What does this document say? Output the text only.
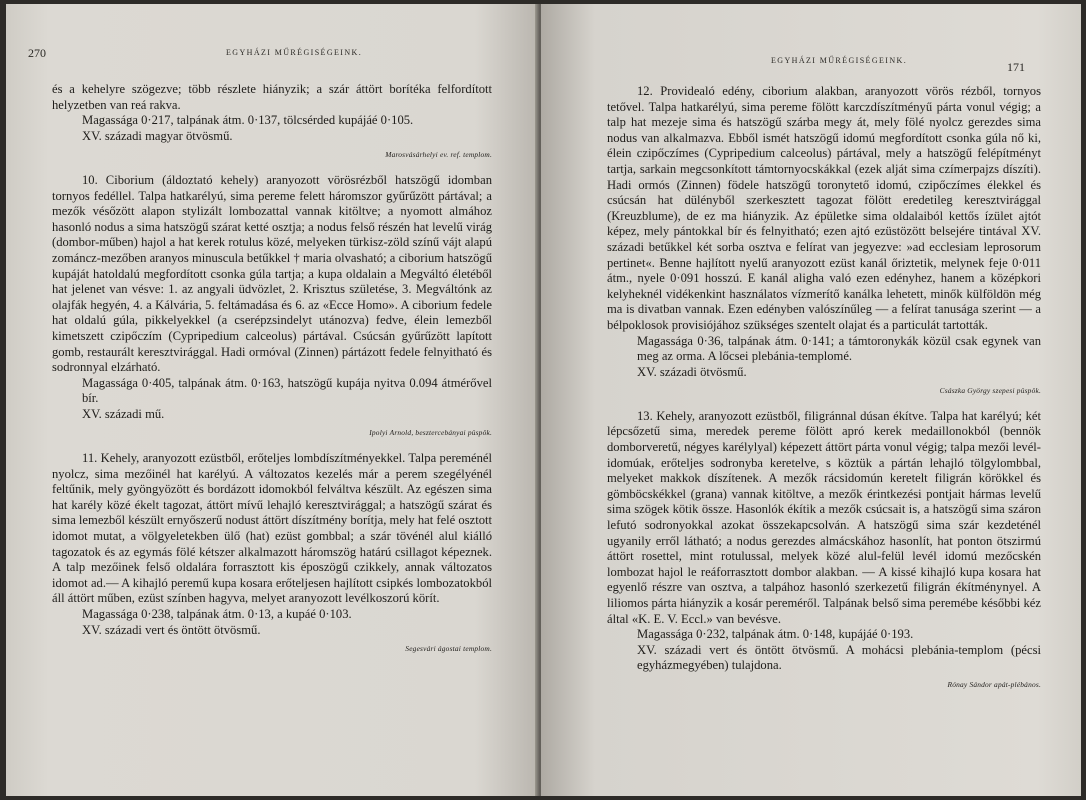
270	EGYHÁZI MŰRÉGISÉGEINK.

és a kehelyre szögezve; több részlete hiányzik; a szár áttört borítéka felfordított helyzetben van reá rakva.

Magassága 0·217, talpának átm. 0·137, tölcsérded kupájáé 0·105.

XV. századi magyar ötvösmű.

Marosvásárhelyi ev. ref. templom.

10. Ciborium (áldoztató kehely) aranyozott vörösrézből hatszögű idomban tornyos fedéllel. Talpa hatkarélyú, sima pereme felett háromszor gyűrűzött pártával; a mezők vésőzött alapon stylizált lombozattal vannak kitöltve; a nyomott almához hasonló nodus a sima hatszögű szárat ketté osztja; a nodus felső részén hat levelű virág (dombor-műben) hajol a hat kerek rotulus közé, melyeken türkisz-zöld színű vájt alapú zománcz-mezőben aranyos minuscula betűkkel † maria olvasható; a ciborium hatszögű kupáját hatoldalú megfordított csonka gúla tartja; a kupa oldalain a Megváltó életéből hat jelenet van vésve: 1. az angyali üdvözlet, 2. Krisztus születése, 3. Megváltónk az olajfák hegyén, 4. a Kálvária, 5. feltámadása és 6. az «Ecce Homo». A ciborium fedele hat oldalú gúla, pikkelyekkel (a cserépzsindelyt utánozva) fedve, élein lemezből kimetszett czipőczím (Cypripedium calceolus) pártával. Csúcsán gyűrűzött lapított gomb, restaurált keresztvirággal. Hadi ormóval (Zinnen) pártázott fedele felnyitható és sodronnyal elzárható.

Magassága 0·405, talpának átm. 0·163, hatszögű kupája nyitva 0.094 átmérővel bír.

XV. századi mű.

Ipolyi Arnold, besztercebányai püspök.

11. Kehely, aranyozott ezüstből, erőteljes lombdíszítményekkel. Talpa pereménél nyolcz, sima mezőinél hat karélyú. A változatos kezelés már a perem szegélyénél feltűnik, mely gyöngyözött és bordázott idomokból felváltva készült. Az egészen sima hat karély közé ékelt tagozat, áttört mívű lehajló keresztvirággal; a hatszögű szárat és sima lemezből készült ernyőszerű nodust áttört díszítmény borítja, mely hat felé osztott idomot mutat, a völgyeletekben ülő (hat) ezüst gombbal; a szár tövénél alul kiálló tagozatok és az egymás fölé kétszer alkalmazott háromszög határú csillagot képeznek. A talp mezőinek felső oldalára forrasztott kis époszögű czikkely, annak változatos idomot ad.— A kihajló peremű kupa kosara erőteljesen hajlított csipkés lombozatokból áll áttört műben, ezüst színben hagyva, melyet aranyozott levélkoszorú körít.

Magassága 0·238, talpának átm. 0·13, a kupáé 0·103.

XV. századi vert és öntött ötvösmű.

Segesvári ágostai templom.

EGYHÁZI MŰRÉGISÉGEINK.	171

12. Providealó edény, ciborium alakban, aranyozott vörös rézből, tornyos tetővel. Talpa hatkarélyú, sima pereme fölött karczdíszítményű párta vonul végig; a talp hat mezeje sima és hatszögű szárba megy át, mely fölé nyolcz gerezdes sima nodus van alkalmazva. Ebből ismét hatszögű idomú megfordított csonka gúla nő ki, élein czipőczímes (Cypripedium calceolus) pártával, mely a hatszögű felépítményt tartja, sarkain megcsonkított támtornyocskákkal (ezek alját sima czímerpajzs díszíti). Hadi ormós (Zinnen) födele hatszögű toronytető idomú, czipőczímes élekkel és csúcsán hat dülényből szerkesztett tagozat fölött eredetileg keresztvirággal (Kreuzblume), de ez ma hiányzik. Az épületke sima oldalaiból kettős ízület ajtót képez, mely pántokkal bír és felnyitható; ezen ajtó ezüstözött belsejére tintával XV. századi betűkkel két sorba osztva e felírat van jegyezve: »ad ecclesiam leprosorum pertinet«. Benne hajlított nyelű aranyozott ezüst kanál őriztetik, melynek feje 0·011 átm., nyele 0·091 hosszú. E kanál aligha való ezen edényhez, hanem a középkori kelyheknél vidékenkint használatos vízmerítő kanálka lehetett, minők külföldön még ma is divatban vannak. Ezen edényben valószínűleg — a felírat tanusága szerint — a bélpoklosok provisiójához szükséges szentelt olajat és a particulát tartották.

Magassága 0·36, talpának átm. 0·141; a támtoronykák közül csak egynek van meg az orma. A lőcsei plebánia-templomé.

XV. századi ötvösmű.

Császka György szepesi püspök.

13. Kehely, aranyozott ezüstből, filigránnal dúsan ékítve. Talpa hat karélyú; két lépcsőzetű sima, meredek pereme fölött apró kerek medaillonokból (bennök domborveretű, négyes karélylyal) képezett áttört párta vonul végig; talpa mezői levél-idomúak, erőteljes sodronyba keretelve, s köztük a pártán lehajló tölgylombbal, melyeket makkok díszítenek. A mezők rácsidomún keretelt filigrán körökkel és gömböcskékkel (grana) vannak kitöltve, a mezők érintkezési pontjait hármas levelű sima szögek kötik össze. Hasonlók ékítik a mezők csúcsait is, a hatszögű sima száron lefutó sodronyokkal azokat összekapcsolván. A hatszögű sima szár kezdeténél ugyanily erről látható; a nodus gerezdes almácskához hasonlít, hat ponton ötszirmú áttört rosettel, mint rotulussal, melyek közé alul-felül levél idomú mezőcskén lombozat hajol le reáforrasztott dombor alakban. — A kissé kihajló kupa kosara hat egyenlő részre van osztva, a talpához hasonló szerkezetű filigrán ékítménynyel. A liliomos párta hiányzik a kosár pereméről. Talpának belső sima peremébe későbbi kéz által «K. E. V. Eccl.» van bevésve.

Magassága 0·232, talpának átm. 0·148, kupájáé 0·193.

XV. századi vert és öntött ötvösmű. A mohácsi plebánia-templom (pécsi egyházmegyében) tulajdona.

Rónay Sándor apát-plébános.
